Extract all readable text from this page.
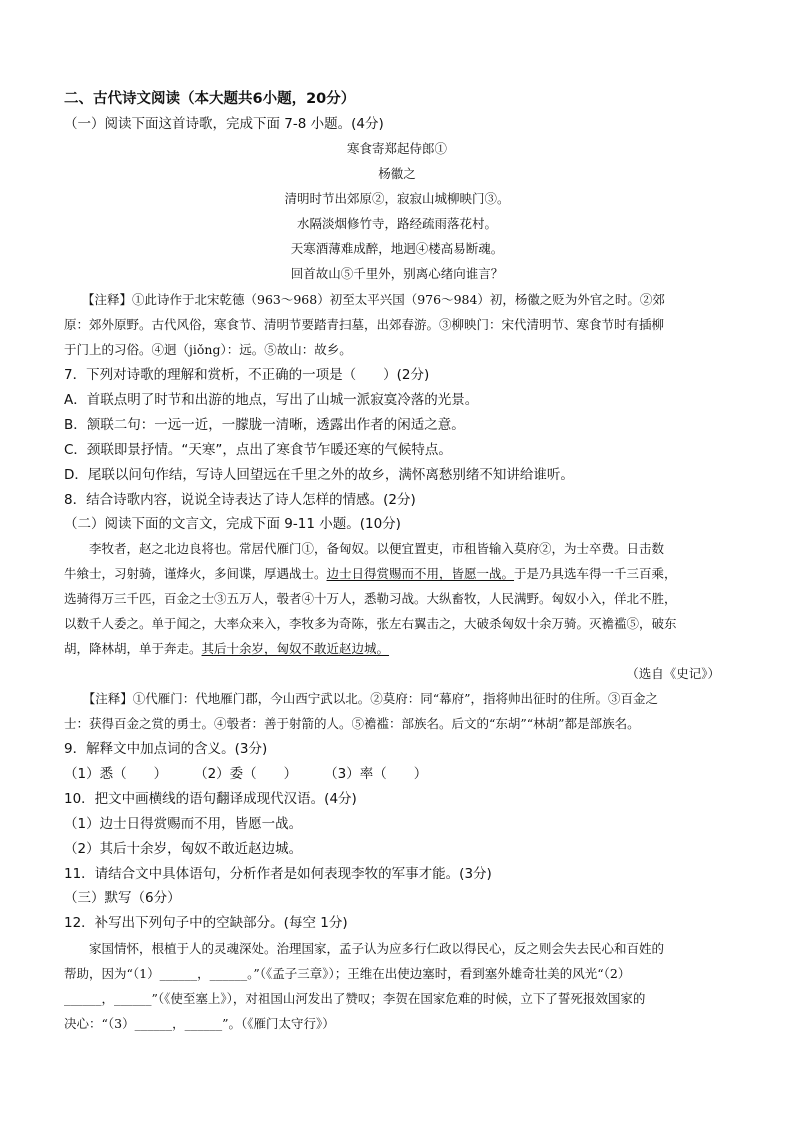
二、古代诗文阅读（本大题共6小题，20分）
（一）阅读下面这首诗歌，完成下面 7-8 小题。(4分)
寒食寄郑起侍郎①
杨徽之
清明时节出郊原②，寂寂山城柳映门③。
水隔淡烟修竹寺，路经疏雨落花村。
天寒酒薄难成醉，地迥④楼高易断魂。
回首故山⑤千里外，别离心绪向谁言？
【注释】①此诗作于北宋乾德（963～968）初至太平兴国（976～984）初，杨徽之贬为外官之时。②郊
原：郊外原野。古代风俗，寒食节、清明节要踏青扫墓，出郊春游。③柳映门：宋代清明节、寒食节时有插柳
于门上的习俗。④迥（jiǒng）：远。⑤故山：故乡。
7．下列对诗歌的理解和赏析，不正确的一项是（　　）(2分)
A．首联点明了时节和出游的地点，写出了山城一派寂寞冷落的光景。
B．颔联二句：一远一近，一朦胧一清晰，透露出作者的闲适之意。
C．颈联即景抒情。“天寒”，点出了寒食节乍暖还寒的气候特点。
D．尾联以问句作结，写诗人回望远在千里之外的故乡，满怀离愁别绪不知讲给谁听。
8．结合诗歌内容，说说全诗表达了诗人怎样的情感。(2分)
（二）阅读下面的文言文，完成下面 9-11 小题。(10分)
　　李牧者，赵之北边良将也。常居代雁门①，备匈奴。以便宜置吏，市租皆输入莫府②，为士卒费。日击数
牛飨士，习射骑，谨烽火，多间谍，厚遇战士。边士日得赏赐而不用，皆愿一战。于是乃具选车得一千三百乘，
选骑得万三千匹，百金之士③五万人，彀者④十万人，悉勒习战。大纵畜牧，人民满野。匈奴小入，佯北不胜，
以数千人委之。单于闻之，大率众来入，李牧多为奇陈，张左右翼击之，大破杀匈奴十余万骑。灭襜褴⑤，破东
胡，降林胡，单于奔走。其后十余岁，匈奴不敢近赵边城。
（选自《史记》）
　　【注释】①代雁门：代地雁门郡，今山西宁武以北。②莫府：同“幕府”，指将帅出征时的住所。③百金之
士：获得百金之赏的勇士。④彀者：善于射箭的人。⑤襜褴：部族名。后文的“东胡”“林胡”都是部族名。
9．解释文中加点词的含义。(3分)
（1）悉（　　）　　　（2）委（　　）　　　（3）率（　　）
10．把文中画横线的语句翻译成现代汉语。(4分)
（1）边士日得赏赐而不用，皆愿一战。
（2）其后十余岁，匈奴不敢近赵边城。
11．请结合文中具体语句，分析作者是如何表现李牧的军事才能。(3分)
（三）默写（6分）
12．补写出下列句子中的空缺部分。(每空 1分)
　　家国情怀，根植于人的灵魂深处。治理国家，孟子认为应多行仁政以得民心，反之则会失去民心和百姓的
帮助，因为“（1）______，______。”（《孟子三章》）；王维在出使边塞时，看到塞外雄奇壮美的风光“（2）
______，______”（《使至塞上》），对祖国山河发出了赞叹；李贺在国家危难的时候，立下了誓死报效国家的
决心：“（3）______，______”。（《雁门太守行》）
